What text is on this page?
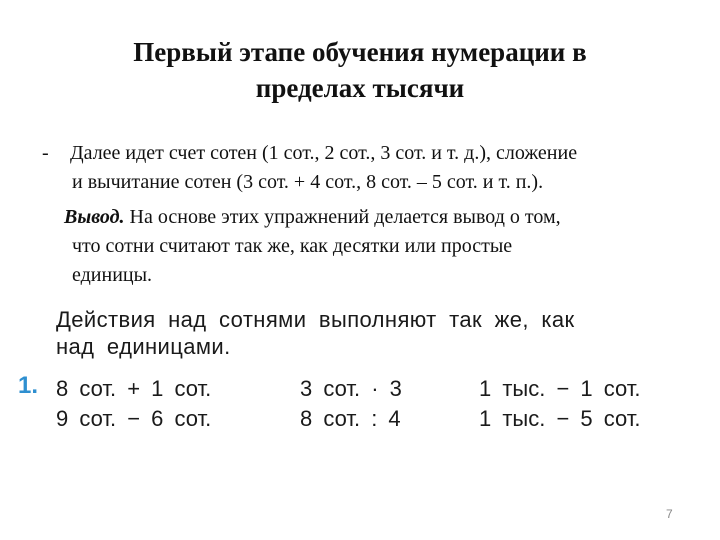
Первый этапе обучения нумерации в
пределах тысячи
- Далее идет счет сотен (1 сот., 2 сот., 3 сот. и т. д.), сложение
и вычитание сотен (3 сот. + 4 сот., 8 сот. – 5 сот. и т. п.).
Вывод. На основе этих упражнений делается вывод о том,
что сотни считают так же, как десятки или простые
единицы.
Действия над сотнями выполняют так же, как
над единицами.
1. 8 сот. + 1 сот.	3 сот. · 3	1 тыс. − 1 сот.
9 сот. − 6 сот.	8 сот. : 4	1 тыс. − 5 сот.
7
